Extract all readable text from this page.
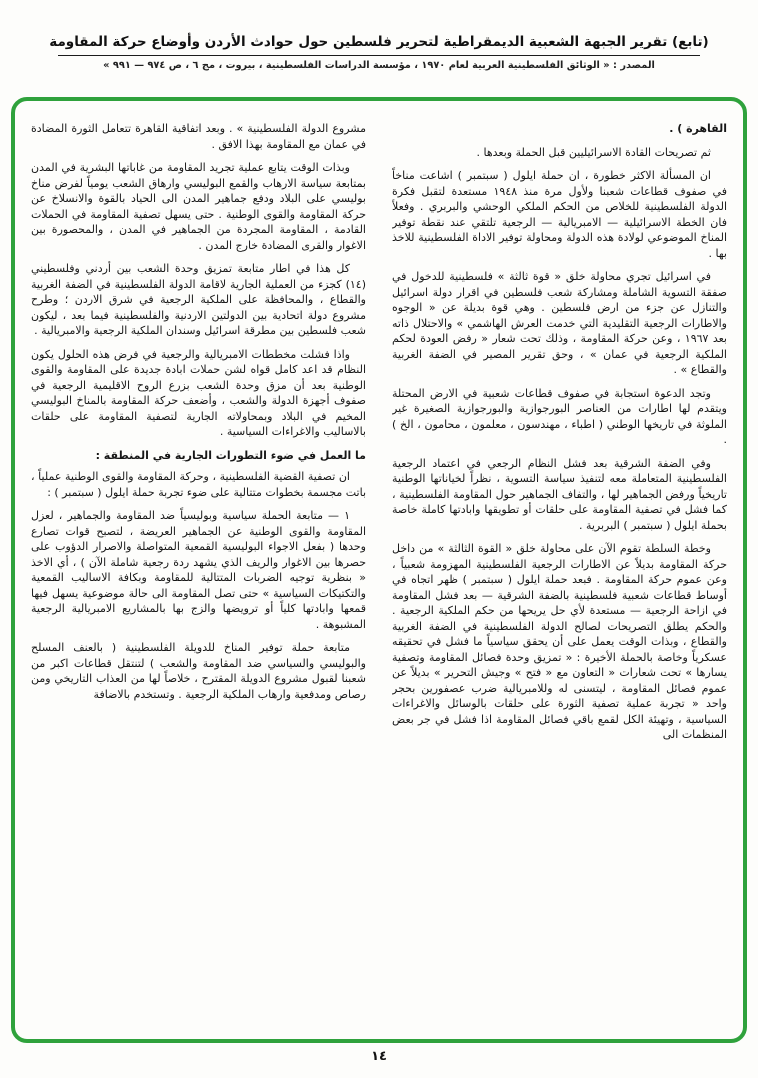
(تابع) تقرير الجبهة الشعبية الديمقراطية لتحرير فلسطين حول حوادث الأردن وأوضاع حركة المقاومة
المصدر : « الوثائق الفلسطينية العربية لعام ١٩٧٠ ، مؤسسة الدراسات الفلسطينية ، بيروت ، مج ٦ ، ص ٩٧٤ — ٩٩١ »

القاهرة ) .

ثم تصريحات القادة الاسرائيليين قبل الحملة وبعدها .

ان المسألة الاكثر خطورة ، ان حملة ايلول ( سبتمبر ) اشاعت مناخاً في صفوف قطاعات شعبنا ولأول مرة منذ ١٩٤٨ مستعدة لتقبل فكرة الدولة الفلسطينية للخلاص من الحكم الملكي الوحشي والبربري . وفعلاً فان الخطة الاسرائيلية — الامبريالية — الرجعية تلتقي عند نقطة توفير المناخ الموضوعي لولادة هذه الدولة ومحاولة توفير الاداة الفلسطينية للاخذ بها .

في اسرائيل تجري محاولة خلق « قوة ثالثة » فلسطينية للدخول في صفقة التسوية الشاملة ومشاركة شعب فلسطين في اقرار دولة اسرائيل والتنازل عن جزء من ارض فلسطين . وهي قوة بديلة عن « الوجوه والاطارات الرجعية التقليدية التي خدمت العرش الهاشمي » والاحتلال ذاته بعد ١٩٦٧ ، وعن حركة المقاومة ، وذلك تحت شعار « رفض العودة لحكم الملكية الرجعية في عمان » ، وحق تقرير المصير في الضفة الغربية والقطاع » .

وتجد الدعوة استجابة في صفوف قطاعات شعبية في الارض المحتلة ويتقدم لها اطارات من العناصر البورجوازية والبورجوازية الصغيرة غير الملوثة في تاريخها الوطني ( اطباء ، مهندسون ، معلمون ، محامون ، الخ ) .

وفي الضفة الشرقية بعد فشل النظام الرجعي في اعتماد الرجعية الفلسطينية المتعاملة معه لتنفيذ سياسة التسوية ، نظراً لخياناتها الوطنية تاريخياً ورفض الجماهير لها ، والتفاف الجماهير حول المقاومة الفلسطينية ، كما فشل في تصفية المقاومة على حلقات أو تطويقها وابادتها كاملة خاصة بحملة ايلول ( سبتمبر ) البربرية .

وخطة السلطة تقوم الآن على محاولة خلق « القوة الثالثة » من داخل حركة المقاومة بديلاً عن الاطارات الرجعية الفلسطينية المهزومة شعبياً ، وعن عموم حركة المقاومة . فبعد حملة ايلول ( سبتمبر ) ظهر اتجاه في أوساط قطاعات شعبية فلسطينية بالضفة الشرقية — بعد فشل المقاومة في ازاحة الرجعية — مستعدة لأي حل يريحها من حكم الملكية الرجعية . والحكم يطلق التصريحات لصالح الدولة الفلسطينية في الضفة الغربية والقطاع ، وبذات الوقت يعمل على أن يحقق سياسياً ما فشل في تحقيقه عسكرياً وخاصة بالحملة الأخيرة : « تمزيق وحدة فصائل المقاومة وتصفية يسارها » تحت شعارات « التعاون مع « فتح » وجيش التحرير » بديلاً عن عموم فصائل المقاومة ، ليتسنى له وللامبريالية ضرب عصفورين بحجر واحد « تجربة عملية تصفية الثورة على حلقات بالوسائل والاغراءات السياسية ، وتهيئة الكل لقمع باقي فصائل المقاومة اذا فشل في جر بعض المنظمات الى

مشروع الدولة الفلسطينية » . وبعد اتفاقية القاهرة تتعامل الثورة المضادة في عمان مع المقاومة بهذا الافق .

وبذات الوقت يتابع عملية تجريد المقاومة من غاباتها البشرية في المدن بمتابعة سياسة الارهاب والقمع البوليسي وارهاق الشعب يومياً لفرض مناخ بوليسي على البلاد ودفع جماهير المدن الى الحياد بالقوة والانسلاخ عن حركة المقاومة والقوى الوطنية . حتى يسهل تصفية المقاومة في الحملات القادمة ، المقاومة المجردة من الجماهير في المدن ، والمحصورة بين الاغوار والقرى المضادة خارج المدن .

كل هذا في اطار متابعة تمزيق وحدة الشعب بين أردني وفلسطيني (١٤) كجزء من العملية الجارية لاقامة الدولة الفلسطينية في الضفة الغربية والقطاع ، والمحافظة على الملكية الرجعية في شرق الاردن ؛ وطرح مشروع دولة اتحادية بين الدولتين الاردنية والفلسطينية فيما بعد ، ليكون شعب فلسطين بين مطرقة اسرائيل وسندان الملكية الرجعية والامبريالية .

واذا فشلت مخططات الامبريالية والرجعية في فرض هذه الحلول يكون النظام قد اعد كامل قواه لشن حملات ابادة جديدة على المقاومة والقوى الوطنية بعد أن مزق وحدة الشعب بزرع الروح الاقليمية الرجعية في صفوف أجهزة الدولة والشعب ، وأضعف حركة المقاومة بالمناخ البوليسي المخيم في البلاد وبمحاولاته الجارية لتصفية المقاومة على حلقات بالاساليب والاغراءات السياسية .

ما العمل في ضوء التطورات الجارية في المنطقة :

ان تصفية القضية الفلسطينية ، وحركة المقاومة والقوى الوطنية عملياً ، باتت مجسمة بخطوات متتالية على ضوء تجربة حملة ايلول ( سبتمبر ) :

١ — متابعة الحملة سياسية وبوليسياً ضد المقاومة والجماهير ، لعزل المقاومة والقوى الوطنية عن الجماهير العريضة ، لتصبح قوات تصارع وحدها ( بفعل الاجواء البوليسية القمعية المتواصلة والاصرار الدؤوب على حصرها بين الاغوار والريف الذي يشهد ردة رجعية شاملة الآن ) ، أي الاخذ « بنظرية توجيه الضربات المتتالية للمقاومة وبكافة الاساليب القمعية والتكتيكات السياسية » حتى تصل المقاومة الى حالة موضوعية يسهل فيها قمعها وابادتها كلياً أو ترويضها والزج بها بالمشاريع الامبريالية الرجعية المشبوهة .

متابعة حملة توفير المناخ للدويلة الفلسطينية ( بالعنف المسلح والبوليسي والسياسي ضد المقاومة والشعب ) لتنتقل قطاعات اكبر من شعبنا لقبول مشروع الدويلة المقترح ، خلاصاً لها من العذاب التاريخي ومن رصاص ومدفعية وارهاب الملكية الرجعية . وتستخدم بالاضافة

١٤
